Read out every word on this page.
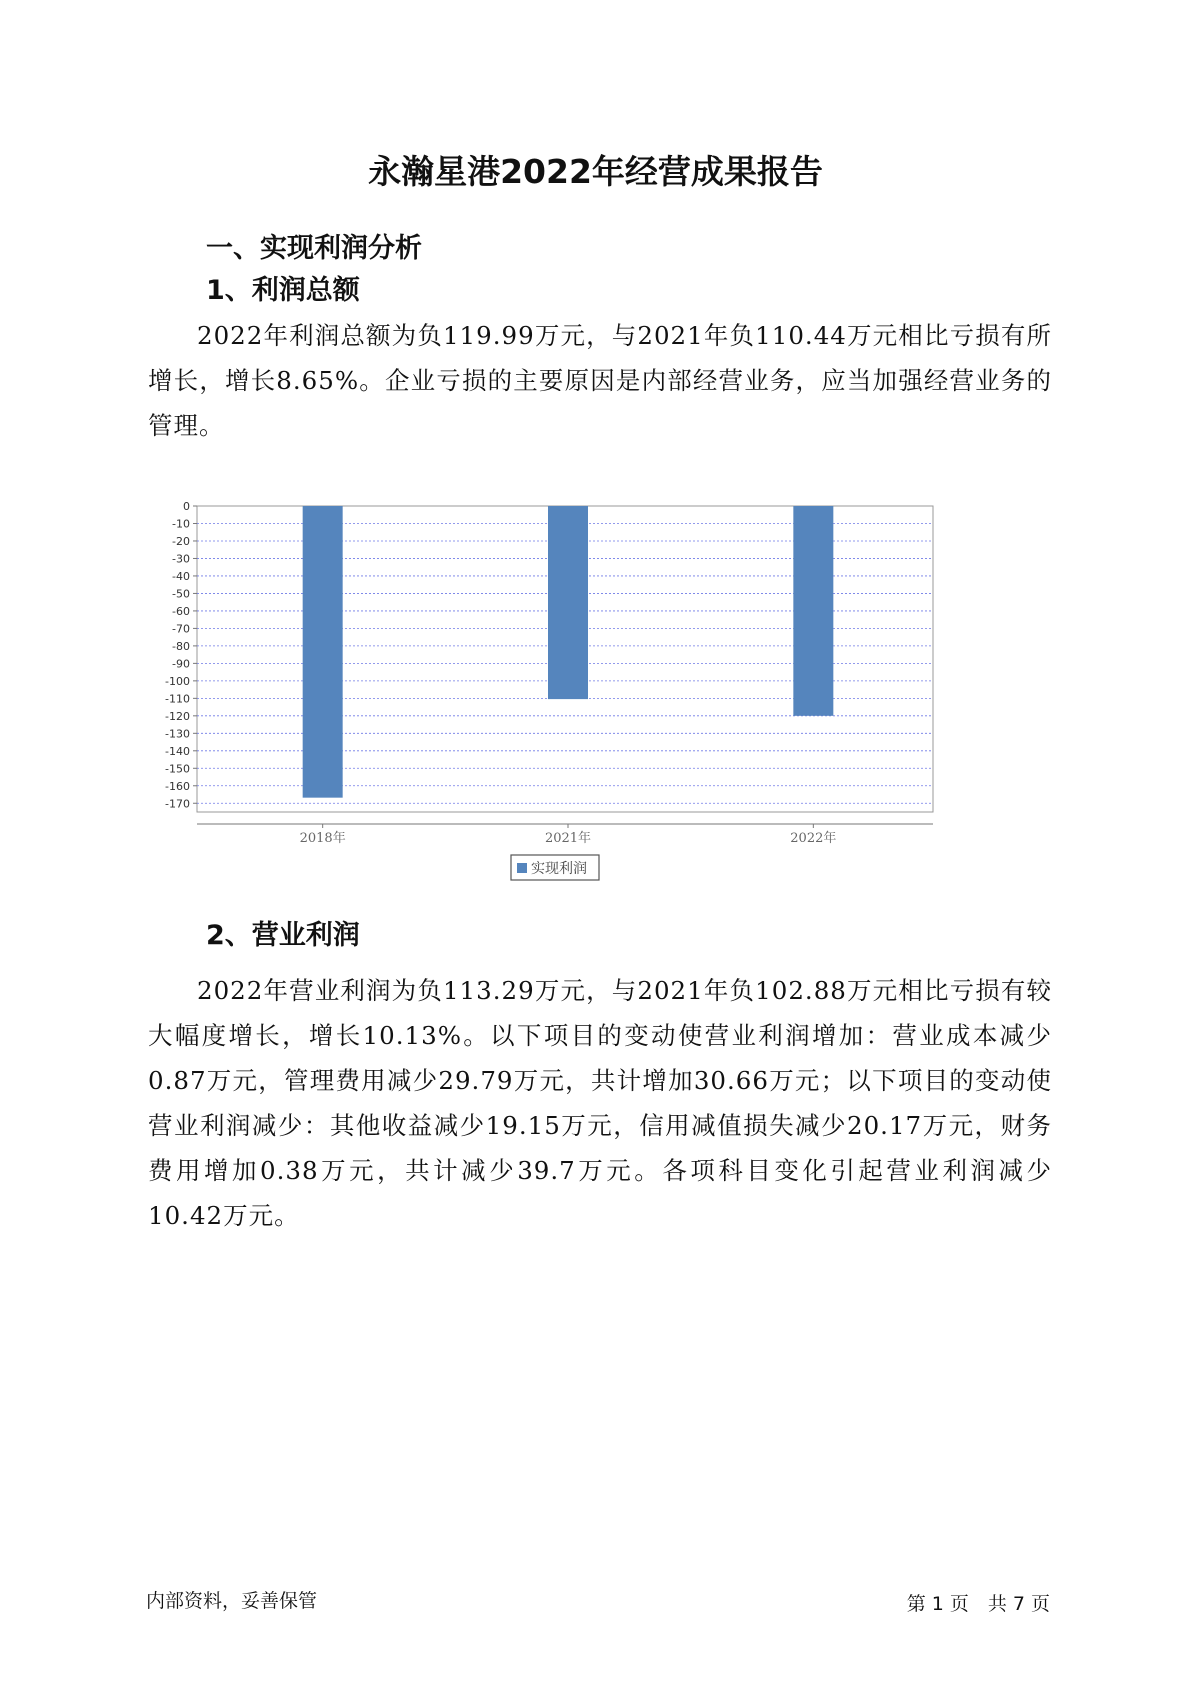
永瀚星港2022年经营成果报告
一、实现利润分析
1、利润总额

2022年利润总额为负119.99万元，与2021年负110.44万元相比亏损有所增长，增长8.65%。企业亏损的主要原因是内部经营业务，应当加强经营业务的管理。

0
-10
-20
-30
-40
-50
-60
-70
-80
-90
-100
-110
-120
-130
-140
-150
-160
-170
2018年	2021年	2022年
实现利润
2、营业利润

2022年营业利润为负113.29万元，与2021年负102.88万元相比亏损有较大幅度增长，增长10.13%。以下项目的变动使营业利润增加：营业成本减少0.87万元，管理费用减少29.79万元，共计增加30.66万元；以下项目的变动使营业利润减少：其他收益减少19.15万元，信用减值损失减少20.17万元，财务费用增加0.38万元，共计减少39.7万元。各项科目变化引起营业利润减少10.42万元。

内部资料，妥善保管	第 1 页　共 7 页
